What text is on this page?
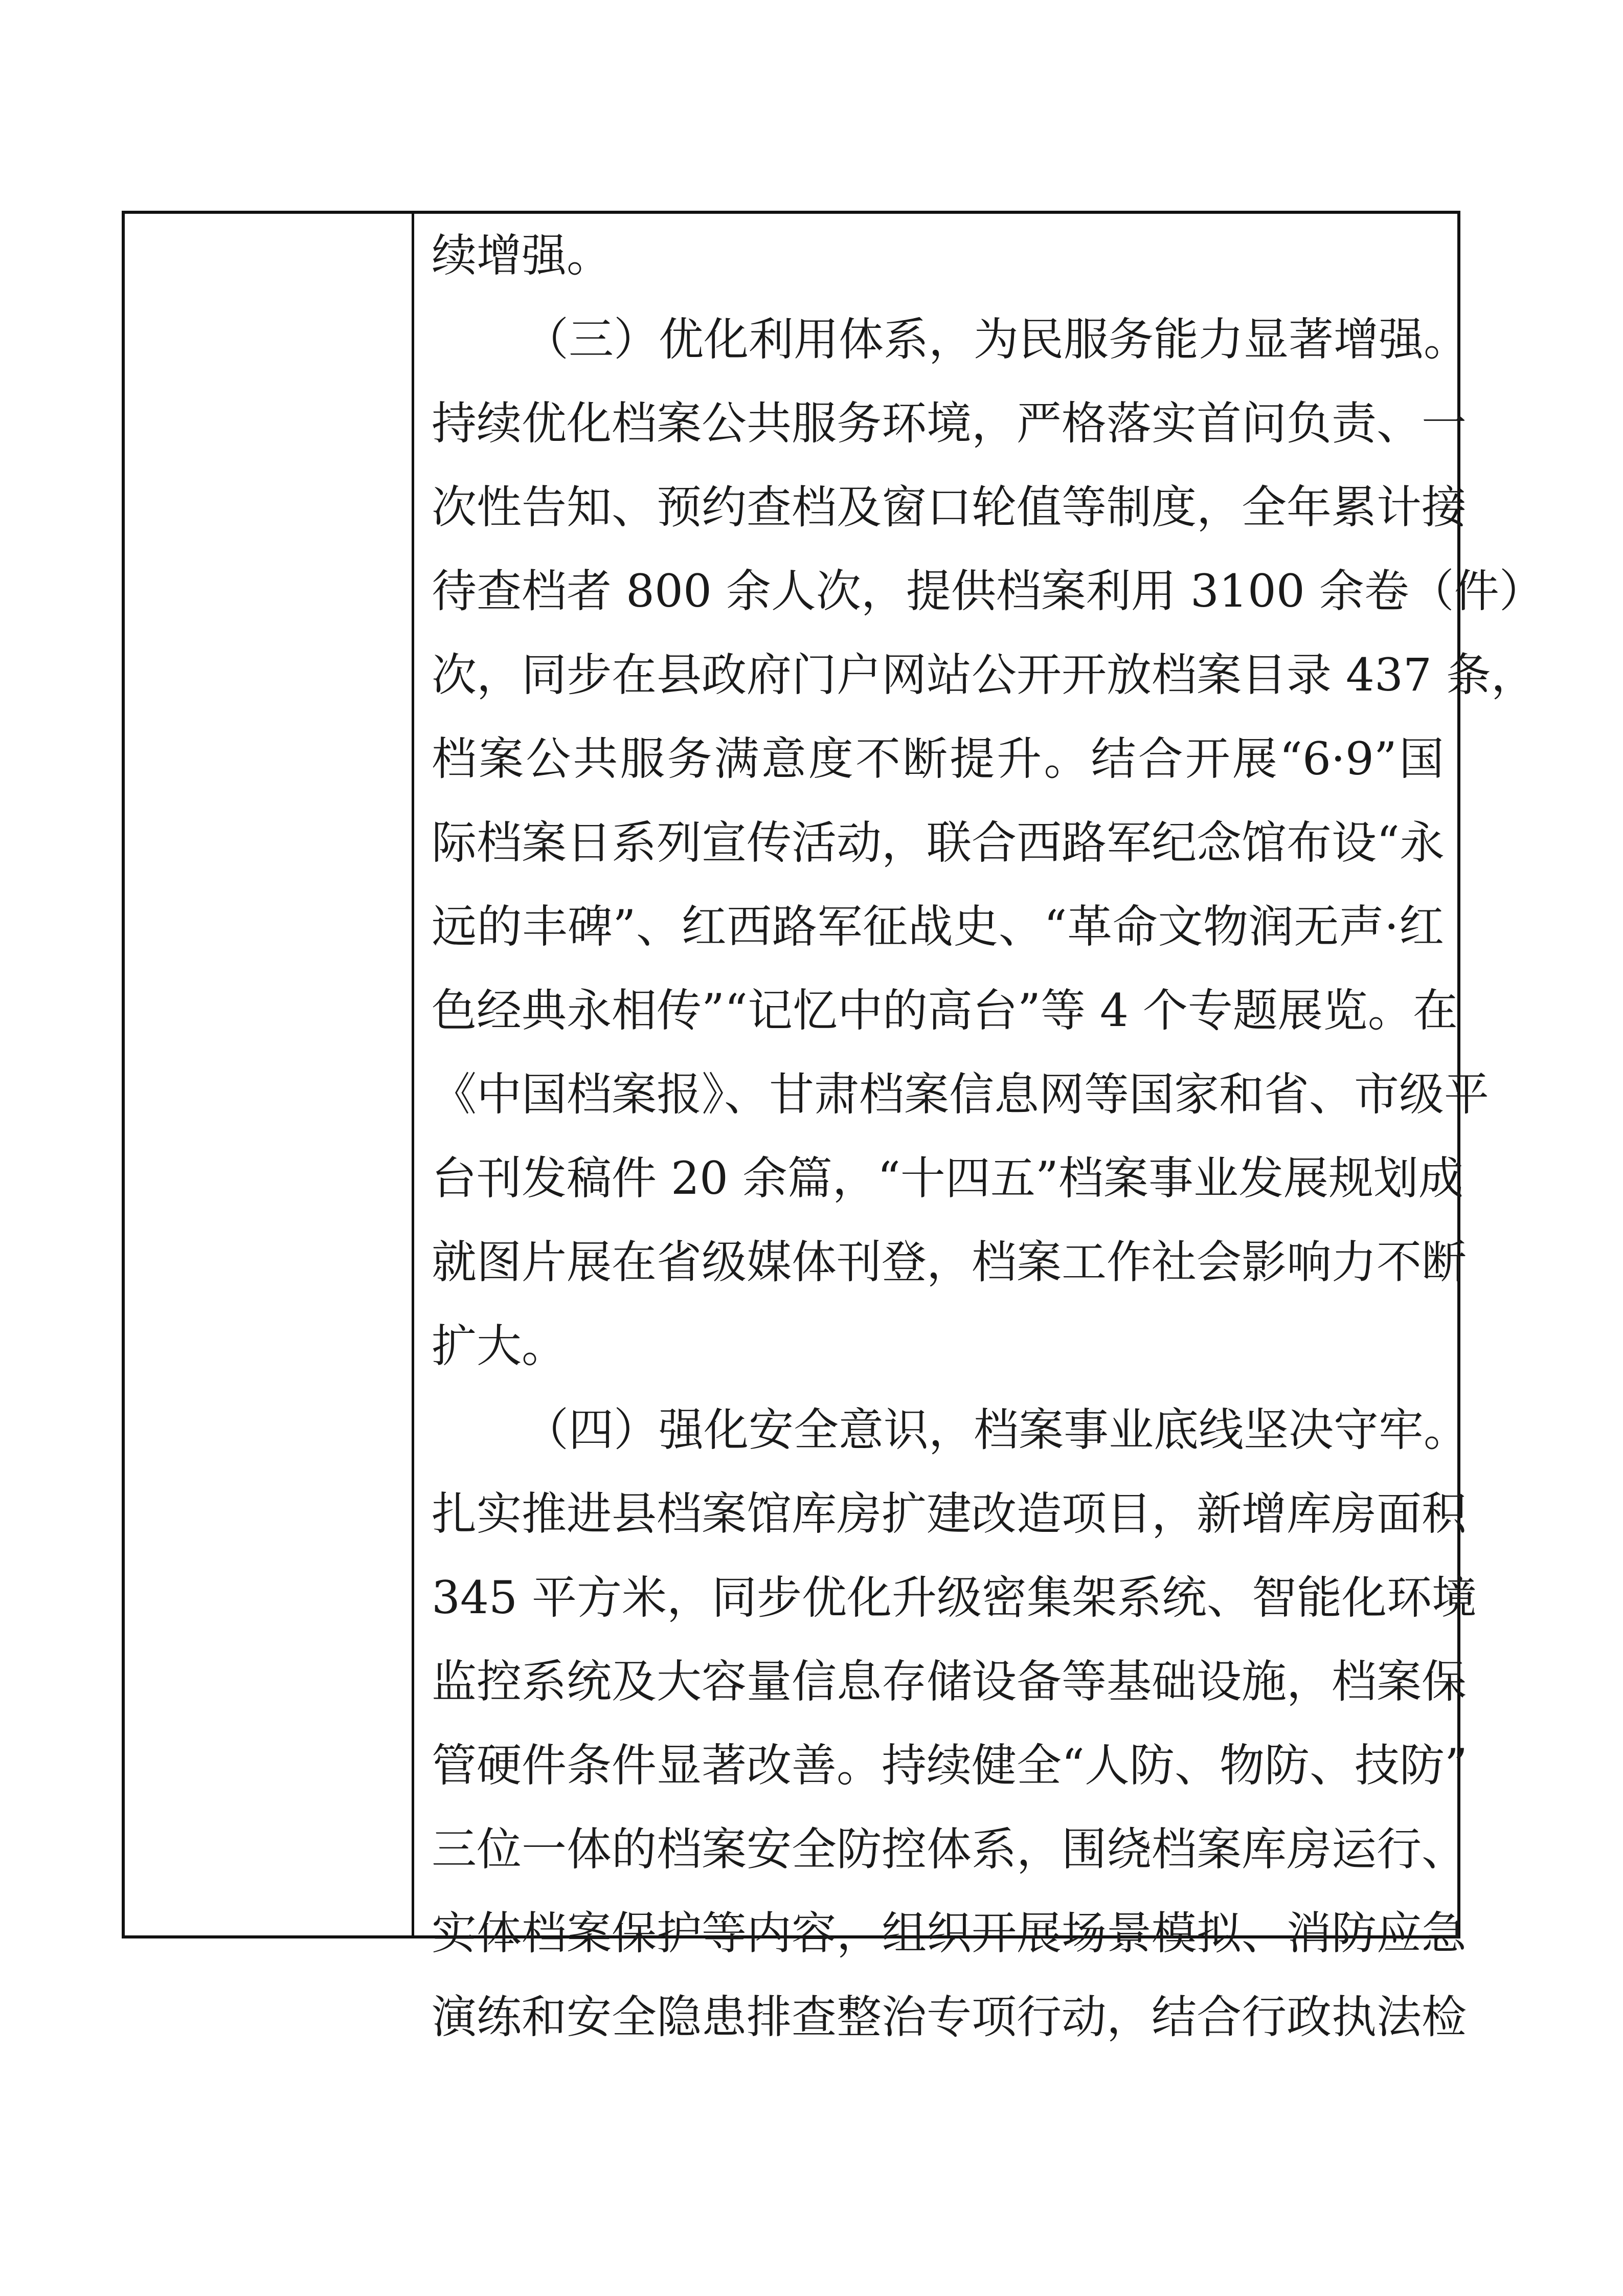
续增强。
（三）优化利用体系，为民服务能力显著增强。
持续优化档案公共服务环境，严格落实首问负责、一
次性告知、预约查档及窗口轮值等制度，全年累计接
待查档者 800 余人次，提供档案利用 3100 余卷（件）
次，同步在县政府门户网站公开开放档案目录 437 条，
档案公共服务满意度不断提升。结合开展“6·9”国
际档案日系列宣传活动，联合西路军纪念馆布设“永
远的丰碑”、红西路军征战史、“革命文物润无声·红
色经典永相传”“记忆中的高台”等 4 个专题展览。在
《中国档案报》、甘肃档案信息网等国家和省、市级平
台刊发稿件 20 余篇，“十四五”档案事业发展规划成
就图片展在省级媒体刊登，档案工作社会影响力不断
扩大。
（四）强化安全意识，档案事业底线坚决守牢。
扎实推进县档案馆库房扩建改造项目，新增库房面积
345 平方米，同步优化升级密集架系统、智能化环境
监控系统及大容量信息存储设备等基础设施，档案保
管硬件条件显著改善。持续健全“人防、物防、技防”
三位一体的档案安全防控体系，围绕档案库房运行、
实体档案保护等内容，组织开展场景模拟、消防应急
演练和安全隐患排查整治专项行动，结合行政执法检
